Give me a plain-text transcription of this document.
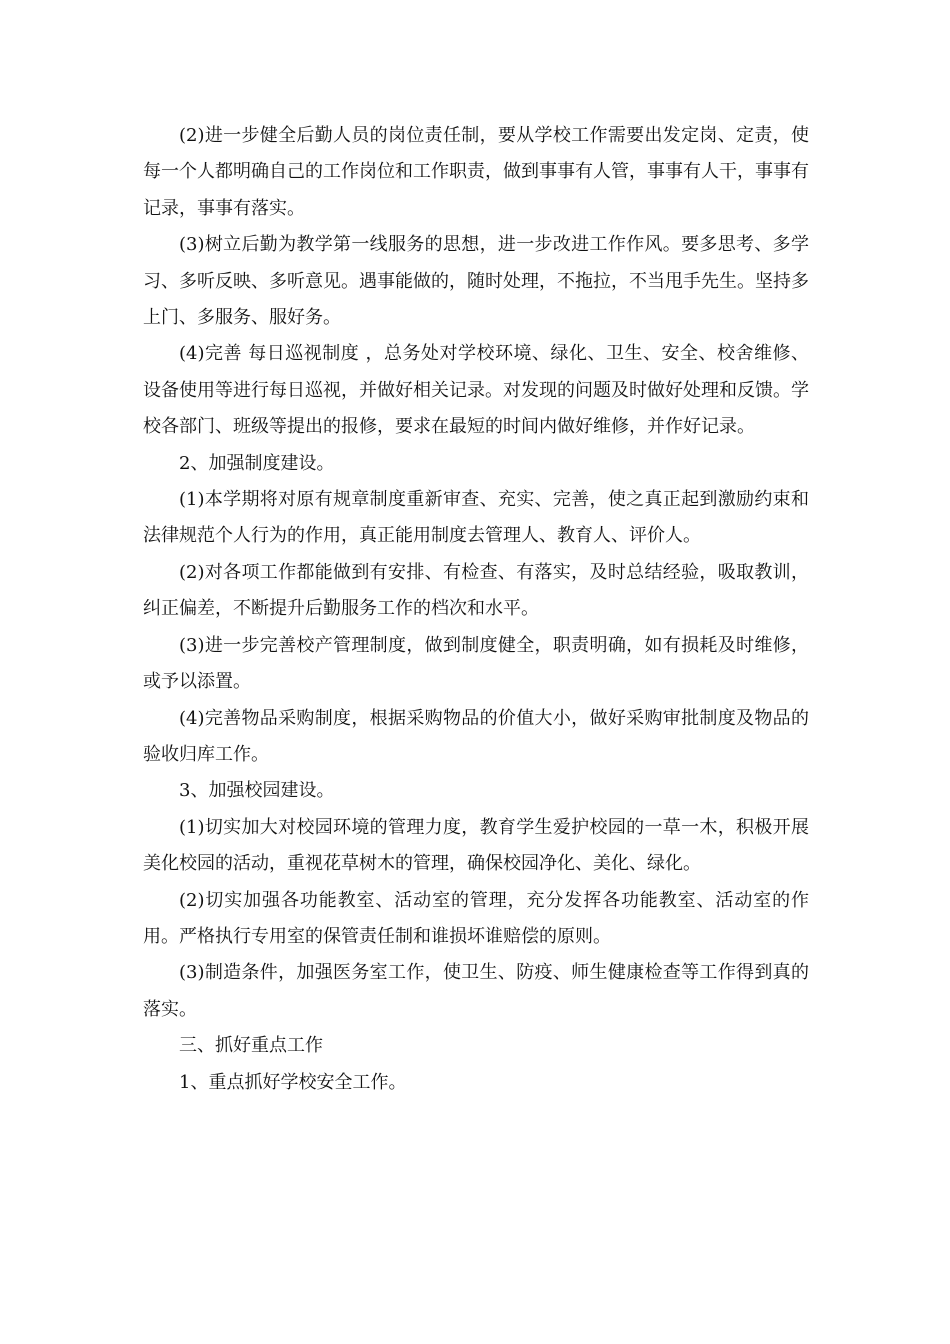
(2)进一步健全后勤人员的岗位责任制，要从学校工作需要出发定岗、定责，使每一个人都明确自己的工作岗位和工作职责，做到事事有人管，事事有人干，事事有记录，事事有落实。

(3)树立后勤为教学第一线服务的思想，进一步改进工作作风。要多思考、多学习、多听反映、多听意见。遇事能做的，随时处理，不拖拉，不当甩手先生。坚持多上门、多服务、服好务。

(4)完善 每日巡视制度 ，总务处对学校环境、绿化、卫生、安全、校舍维修、设备使用等进行每日巡视，并做好相关记录。对发现的问题及时做好处理和反馈。学校各部门、班级等提出的报修，要求在最短的时间内做好维修，并作好记录。

2、加强制度建设。

(1)本学期将对原有规章制度重新审查、充实、完善，使之真正起到激励约束和法律规范个人行为的作用，真正能用制度去管理人、教育人、评价人。

(2)对各项工作都能做到有安排、有检查、有落实，及时总结经验，吸取教训，纠正偏差，不断提升后勤服务工作的档次和水平。

(3)进一步完善校产管理制度，做到制度健全，职责明确，如有损耗及时维修，或予以添置。

(4)完善物品采购制度，根据采购物品的价值大小，做好采购审批制度及物品的验收归库工作。

3、加强校园建设。

(1)切实加大对校园环境的管理力度，教育学生爱护校园的一草一木，积极开展美化校园的活动，重视花草树木的管理，确保校园净化、美化、绿化。

(2)切实加强各功能教室、活动室的管理，充分发挥各功能教室、活动室的作用。严格执行专用室的保管责任制和谁损坏谁赔偿的原则。

(3)制造条件，加强医务室工作，使卫生、防疫、师生健康检查等工作得到真的落实。

三、抓好重点工作

1、重点抓好学校安全工作。
